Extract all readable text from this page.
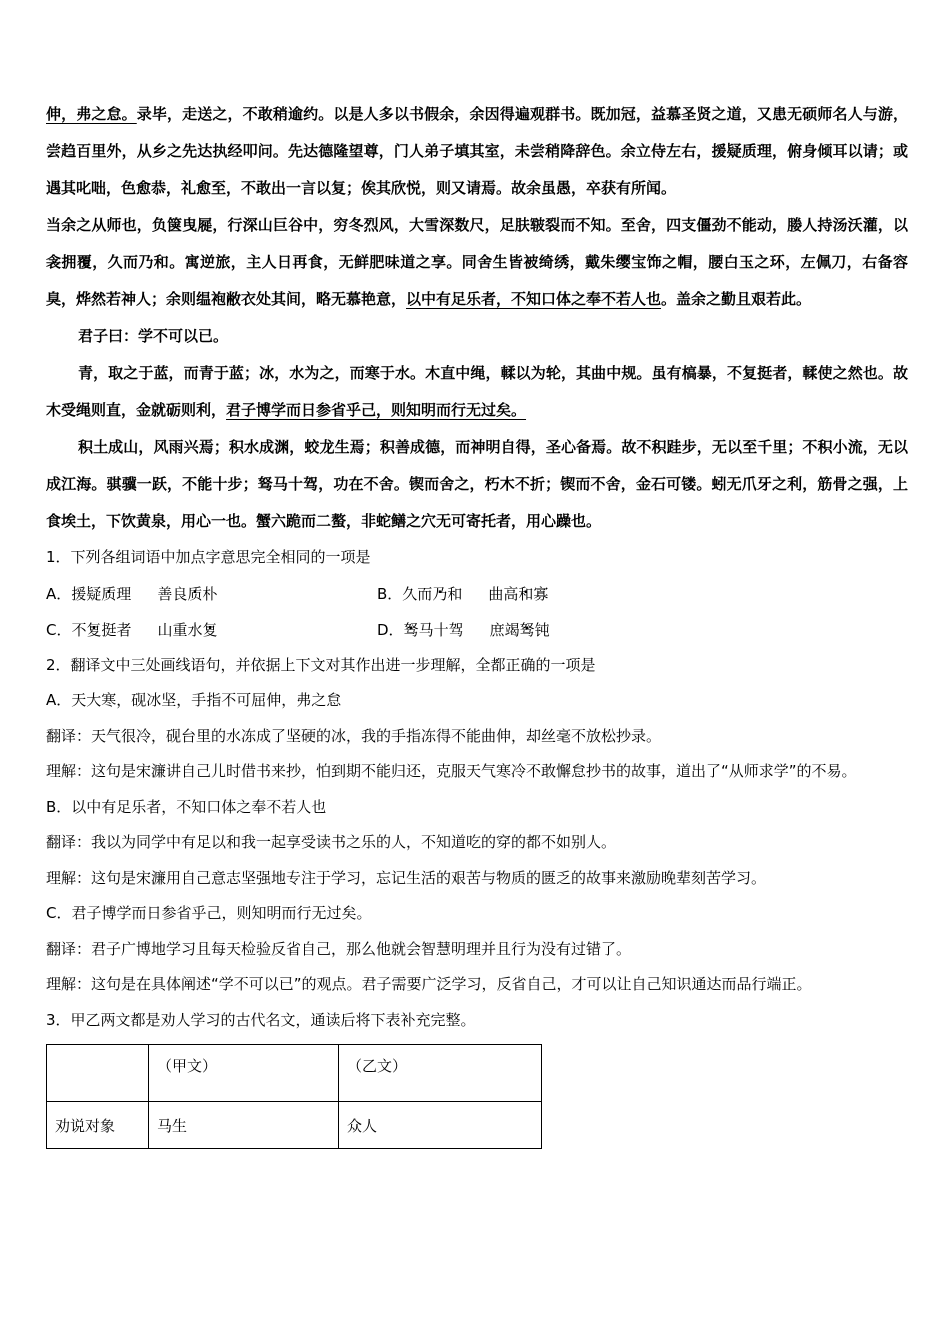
伸，弗之怠。录毕，走送之，不敢稍逾约。以是人多以书假余，余因得遍观群书。既加冠，益慕圣贤之道，又患无硕师名人与游，尝趋百里外，从乡之先达执经叩问。先达德隆望尊，门人弟子填其室，未尝稍降辞色。余立侍左右，援疑质理，俯身倾耳以请；或遇其叱咄，色愈恭，礼愈至，不敢出一言以复；俟其欣悦，则又请焉。故余虽愚，卒获有所闻。

当余之从师也，负箧曳屣，行深山巨谷中，穷冬烈风，大雪深数尺，足肤皲裂而不知。至舍，四支僵劲不能动，媵人持汤沃灌，以衾拥覆，久而乃和。寓逆旅，主人日再食，无鲜肥味道之享。同舍生皆被绮绣，戴朱缨宝饰之帽，腰白玉之环，左佩刀，右备容臭，烨然若神人；余则缊袍敝衣处其间，略无慕艳意，以中有足乐者，不知口体之奉不若人也。盖余之勤且艰若此。

君子曰：学不可以已。

青，取之于蓝，而青于蓝；冰，水为之，而寒于水。木直中绳，輮以为轮，其曲中规。虽有槁暴，不复挺者，輮使之然也。故木受绳则直，金就砺则利，君子博学而日参省乎己，则知明而行无过矣。

积土成山，风雨兴焉；积水成渊，蛟龙生焉；积善成德，而神明自得，圣心备焉。故不积跬步，无以至千里；不积小流，无以成江海。骐骥一跃，不能十步；驽马十驾，功在不舍。锲而舍之，朽木不折；锲而不舍，金石可镂。蚓无爪牙之利，筋骨之强，上食埃土，下饮黄泉，用心一也。蟹六跪而二螯，非蛇鳝之穴无可寄托者，用心躁也。

1．下列各组词语中加点字意思完全相同的一项是

A．援疑. 质理 善良. 质朴	B．久而. 乃和 曲高. 和寡
C．不. 复挺者 山重水. 复	D．. 驽马十驾 庶竭. 驽钝

2．翻译文中三处画线语句，并依据上下文对其作出进一步理解，全都正确的一项是

A．天大寒，砚冰坚，手指不可屈伸，弗之怠

翻译：天气很冷，砚台里的水冻成了坚硬的冰，我的手指冻得不能曲伸，却丝毫不放松抄录。

理解：这句是宋濂讲自己儿时借书来抄，怕到期不能归还，克服天气寒冷不敢懈怠抄书的故事，道出了“从师求学”的不易。

B．以中有足乐者，不知口体之奉不若人也

翻译：我以为同学中有足以和我一起享受读书之乐的人，不知道吃的穿的都不如别人。

理解：这句是宋濂用自己意志坚强地专注于学习，忘记生活的艰苦与物质的匮乏的故事来激励晚辈刻苦学习。

C．君子博学而日参省乎己，则知明而行无过矣。

翻译：君子广博地学习且每天检验反省自己，那么他就会智慧明理并且行为没有过错了。

理解：这句是在具体阐述“学不可以已”的观点。君子需要广泛学习，反省自己，才可以让自己知识通达而品行端正。

3．甲乙两文都是劝人学习的古代名文，通读后将下表补充完整。

	（甲文）	（乙文）
劝说对象	马生	众人
